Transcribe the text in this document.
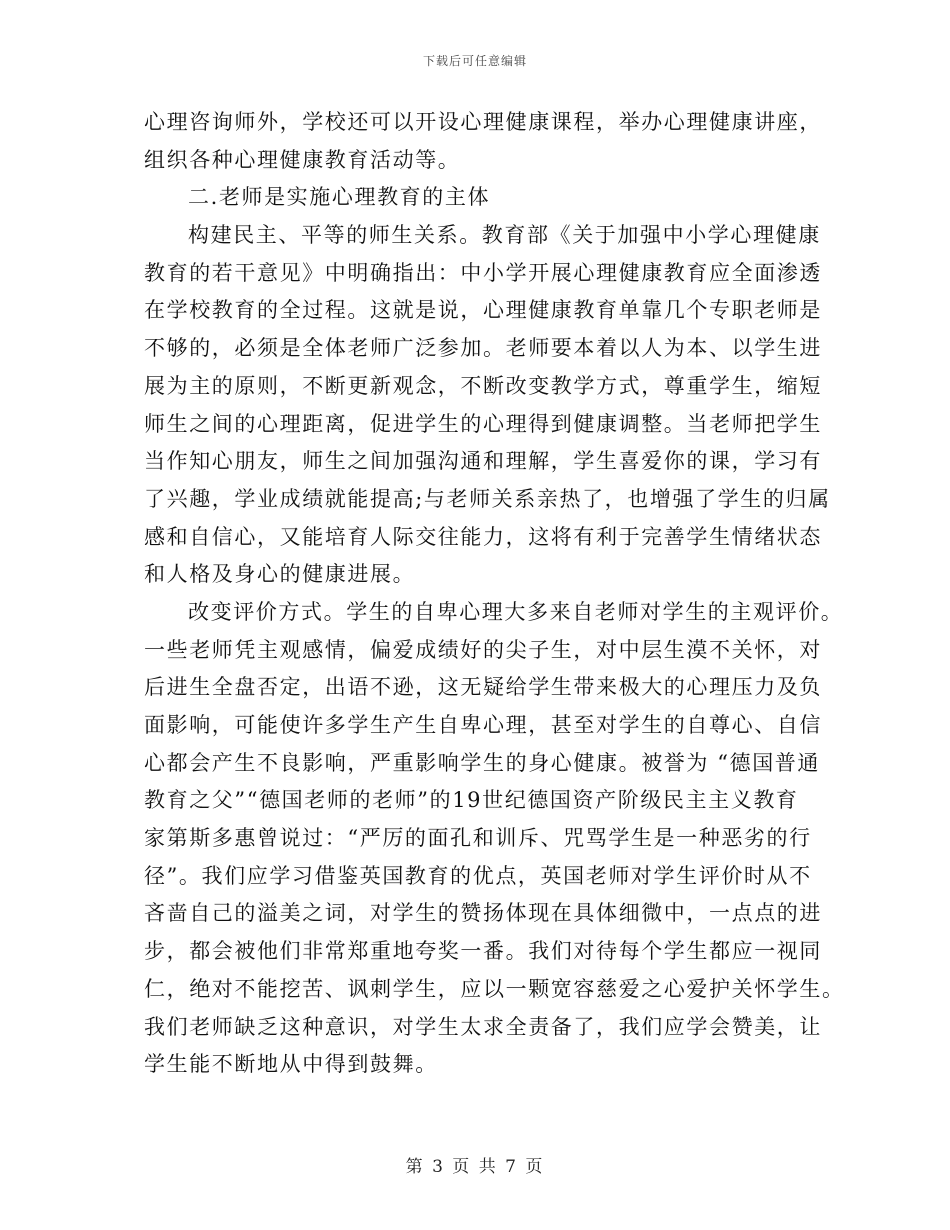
下载后可任意编辑
心理咨询师外，学校还可以开设心理健康课程，举办心理健康讲座，
组织各种心理健康教育活动等。
二.老师是实施心理教育的主体
构建民主、平等的师生关系。教育部《关于加强中小学心理健康
教育的若干意见》中明确指出：中小学开展心理健康教育应全面渗透
在学校教育的全过程。这就是说，心理健康教育单靠几个专职老师是
不够的，必须是全体老师广泛参加。老师要本着以人为本、以学生进
展为主的原则，不断更新观念，不断改变教学方式，尊重学生，缩短
师生之间的心理距离，促进学生的心理得到健康调整。当老师把学生
当作知心朋友，师生之间加强沟通和理解，学生喜爱你的课，学习有
了兴趣，学业成绩就能提高;与老师关系亲热了，也增强了学生的归属
感和自信心，又能培育人际交往能力，这将有利于完善学生情绪状态
和人格及身心的健康进展。
改变评价方式。学生的自卑心理大多来自老师对学生的主观评价。
一些老师凭主观感情，偏爱成绩好的尖子生，对中层生漠不关怀，对
后进生全盘否定，出语不逊，这无疑给学生带来极大的心理压力及负
面影响，可能使许多学生产生自卑心理，甚至对学生的自尊心、自信
心都会产生不良影响，严重影响学生的身心健康。被誉为 “德国普通
教育之父”“德国老师的老师”的19世纪德国资产阶级民主主义教育
家第斯多惠曾说过：“严厉的面孔和训斥、咒骂学生是一种恶劣的行
径”。我们应学习借鉴英国教育的优点，英国老师对学生评价时从不
吝啬自己的溢美之词，对学生的赞扬体现在具体细微中，一点点的进
步，都会被他们非常郑重地夸奖一番。我们对待每个学生都应一视同
仁，绝对不能挖苦、讽刺学生，应以一颗宽容慈爱之心爱护关怀学生。
我们老师缺乏这种意识，对学生太求全责备了，我们应学会赞美，让
学生能不断地从中得到鼓舞。
第 3 页 共 7 页
